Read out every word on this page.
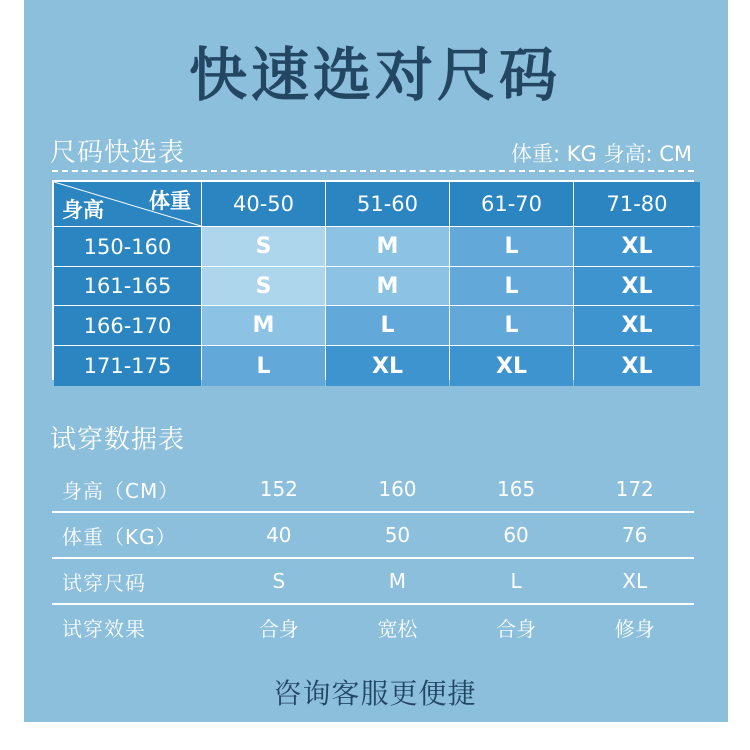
快速选对尺码
尺码快选表	体重: KG 身高: CM
体重
身高	40-50	51-60	61-70	71-80
150-160	S	M	L	XL
161-165	S	M	L	XL
166-170	M	L	L	XL
171-175	L	XL	XL	XL
试穿数据表
身高（CM）	152	160	165	172
体重（KG）	40	50	60	76
试穿尺码	S	M	L	XL
试穿效果	合身	宽松	合身	修身
咨询客服更便捷
